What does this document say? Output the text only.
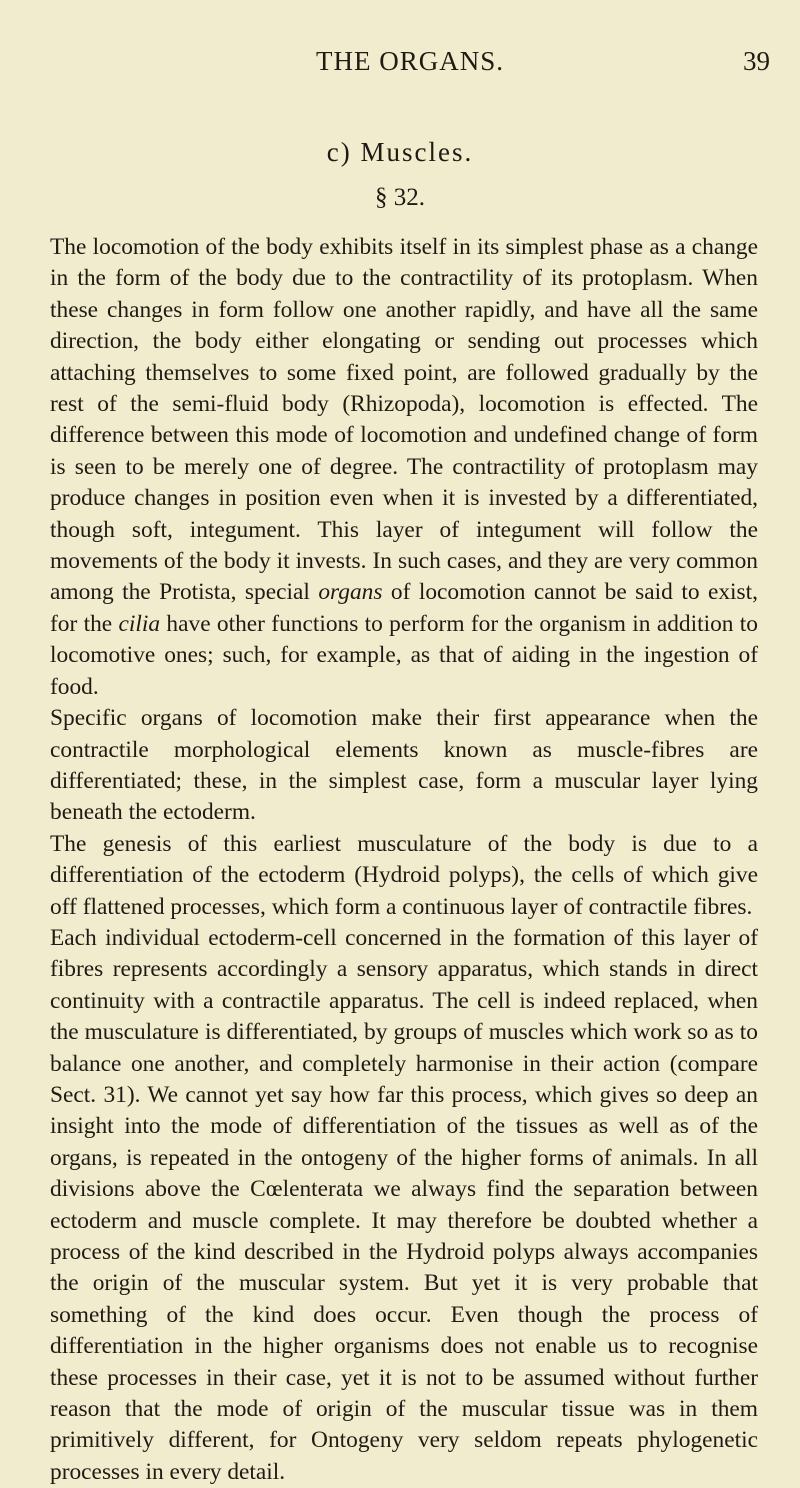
THE ORGANS.	39
c) Muscles.
§ 32.

The locomotion of the body exhibits itself in its simplest phase as a change in the form of the body due to the contractility of its protoplasm. When these changes in form follow one another rapidly, and have all the same direction, the body either elongating or sending out processes which attaching themselves to some fixed point, are followed gradually by the rest of the semi-fluid body (Rhizopoda), locomotion is effected. The difference between this mode of locomotion and undefined change of form is seen to be merely one of degree. The contractility of protoplasm may produce changes in position even when it is invested by a differentiated, though soft, integument. This layer of integument will follow the movements of the body it invests. In such cases, and they are very common among the Protista, special organs of locomotion cannot be said to exist, for the cilia have other functions to perform for the organism in addition to locomotive ones; such, for example, as that of aiding in the ingestion of food.

Specific organs of locomotion make their first appearance when the contractile morphological elements known as muscle-fibres are differentiated; these, in the simplest case, form a muscular layer lying beneath the ectoderm.

The genesis of this earliest musculature of the body is due to a differentiation of the ectoderm (Hydroid polyps), the cells of which give off flattened processes, which form a continuous layer of contractile fibres.

Each individual ectoderm-cell concerned in the formation of this layer of fibres represents accordingly a sensory apparatus, which stands in direct continuity with a contractile apparatus. The cell is indeed replaced, when the musculature is differentiated, by groups of muscles which work so as to balance one another, and completely harmonise in their action (compare Sect. 31). We cannot yet say how far this process, which gives so deep an insight into the mode of differentiation of the tissues as well as of the organs, is repeated in the ontogeny of the higher forms of animals. In all divisions above the Cœlenterata we always find the separation between ectoderm and muscle complete. It may therefore be doubted whether a process of the kind described in the Hydroid polyps always accompanies the origin of the muscular system. But yet it is very probable that something of the kind does occur. Even though the process of differentiation in the higher organisms does not enable us to recognise these processes in their case, yet it is not to be assumed without further reason that the mode of origin of the muscular tissue was in them primitively different, for Ontogeny very seldom repeats phylogenetic processes in every detail.
